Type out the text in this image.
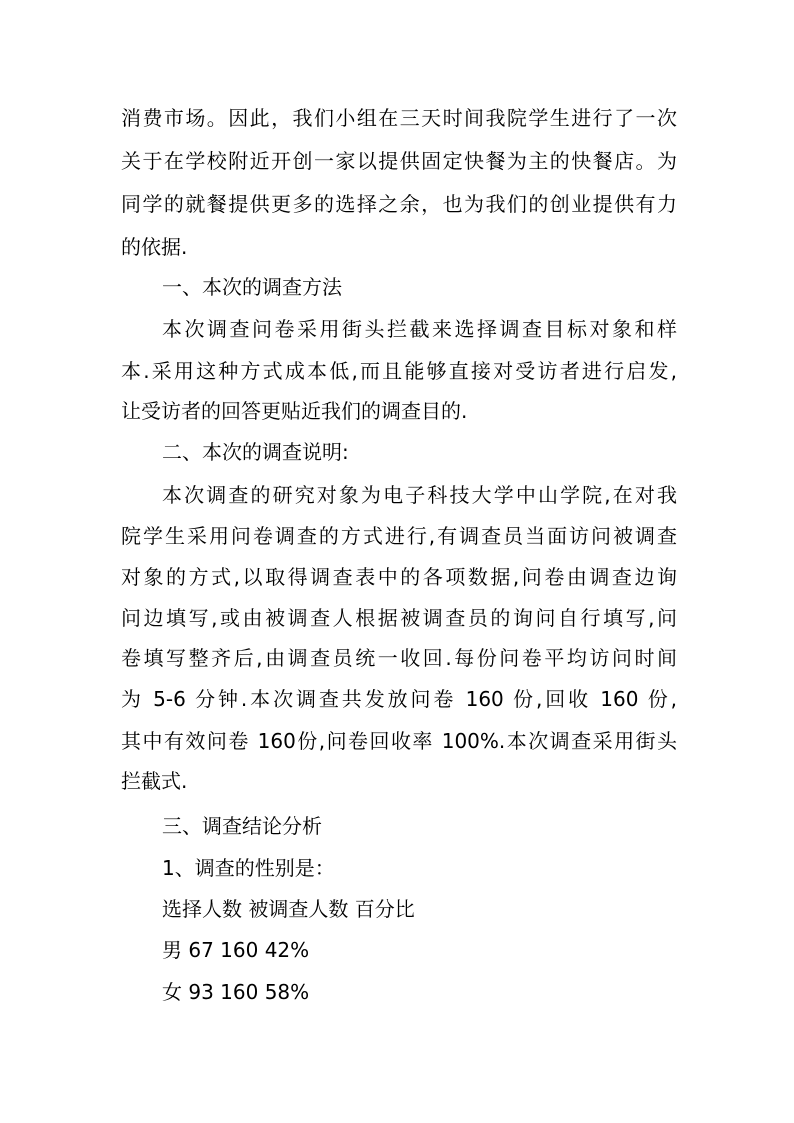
消费市场。因此，我们小组在三天时间我院学生进行了一次
关于在学校附近开创一家以提供固定快餐为主的快餐店。为
同学的就餐提供更多的选择之余，也为我们的创业提供有力
的依据.
一、本次的调查方法
本次调查问卷采用街头拦截来选择调查目标对象和样
本.采用这种方式成本低,而且能够直接对受访者进行启发,
让受访者的回答更贴近我们的调查目的.
二、本次的调查说明:
本次调查的研究对象为电子科技大学中山学院,在对我
院学生采用问卷调查的方式进行,有调查员当面访问被调查
对象的方式,以取得调查表中的各项数据,问卷由调查边询
问边填写,或由被调查人根据被调查员的询问自行填写,问
卷填写整齐后,由调查员统一收回.每份问卷平均访问时间
为 5-6 分钟.本次调查共发放问卷 160 份,回收 160 份,
其中有效问卷 160份,问卷回收率 100%.本次调查采用街头
拦截式.
三、调查结论分析
1、调查的性别是：
选择人数 被调查人数 百分比
男 67 160 42%
女 93 160 58%
